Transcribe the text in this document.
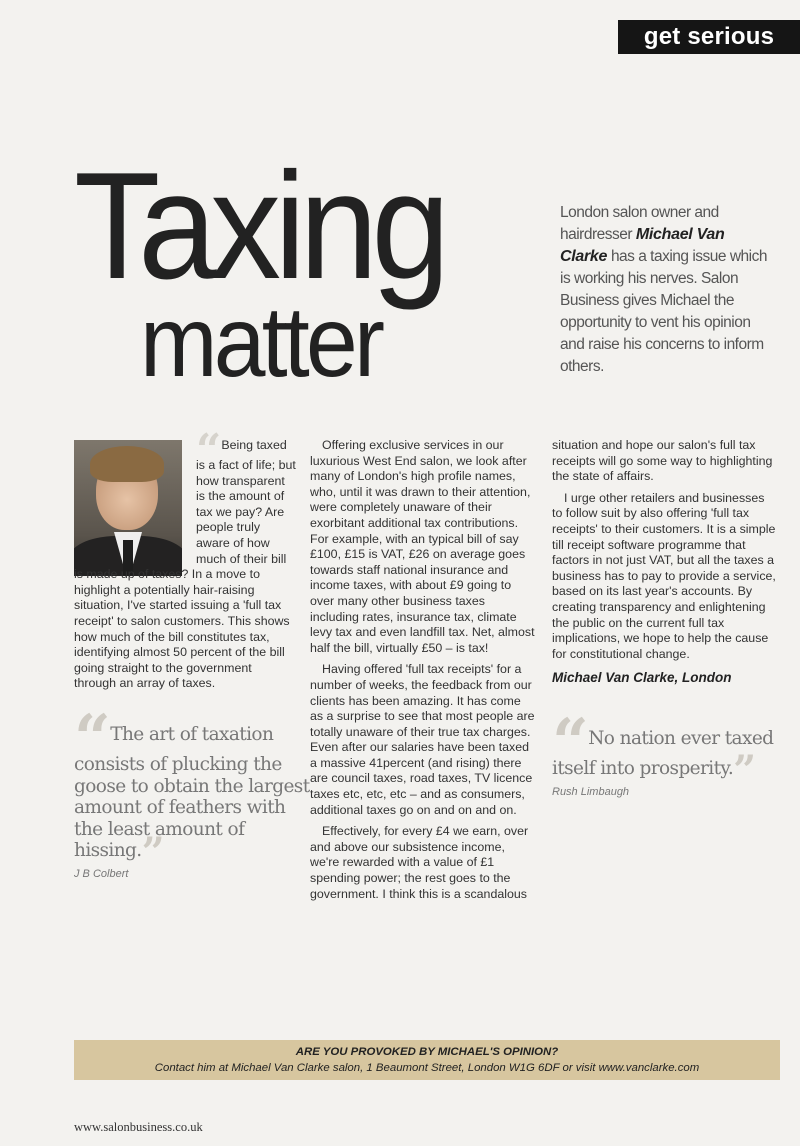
get serious
Taxing
matter
London salon owner and hairdresser Michael Van Clarke has a taxing issue which is working his nerves. Salon Business gives Michael the opportunity to vent his opinion and raise his concerns to inform others.

“Being taxed is a fact of life; but how transparent is the amount of tax we pay? Are people truly aware of how much of their bill is made up of taxes? In a move to highlight a potentially hair-raising situation, I've started issuing a 'full tax receipt' to salon customers. This shows how much of the bill constitutes tax, identifying almost 50 percent of the bill going straight to the government through an array of taxes.

Offering exclusive services in our luxurious West End salon, we look after many of London's high profile names, who, until it was drawn to their attention, were completely unaware of their exorbitant additional tax contributions. For example, with an typical bill of say £100, £15 is VAT, £26 on average goes towards staff national insurance and income taxes, with about £9 going to over many other business taxes including rates, insurance tax, climate levy tax and even landfill tax. Net, almost half the bill, virtually £50 – is tax!

Having offered 'full tax receipts' for a number of weeks, the feedback from our clients has been amazing. It has come as a surprise to see that most people are totally unaware of their true tax charges. Even after our salaries have been taxed a massive 41percent (and rising) there are council taxes, road taxes, TV licence taxes etc, etc, etc – and as consumers, additional taxes go on and on and on.

Effectively, for every £4 we earn, over and above our subsistence income, we're rewarded with a value of £1 spending power; the rest goes to the government. I think this is a scandalous

situation and hope our salon's full tax receipts will go some way to highlighting the state of affairs.

I urge other retailers and businesses to follow suit by also offering 'full tax receipts' to their customers. It is a simple till receipt software programme that factors in not just VAT, but all the taxes a business has to pay to provide a service, based on its last year's accounts. By creating transparency and enlightening the public on the current full tax implications, we hope to help the cause for constitutional change.

Michael Van Clarke, London
“The art of taxation consists of plucking the goose to obtain the largest amount of feathers with the least amount of hissing.”
J B Colbert
“No nation ever taxed itself into prosperity.”
Rush Limbaugh
ARE YOU PROVOKED BY MICHAEL'S OPINION?
Contact him at Michael Van Clarke salon, 1 Beaumont Street, London W1G 6DF or visit www.vanclarke.com
www.salonbusiness.co.uk
